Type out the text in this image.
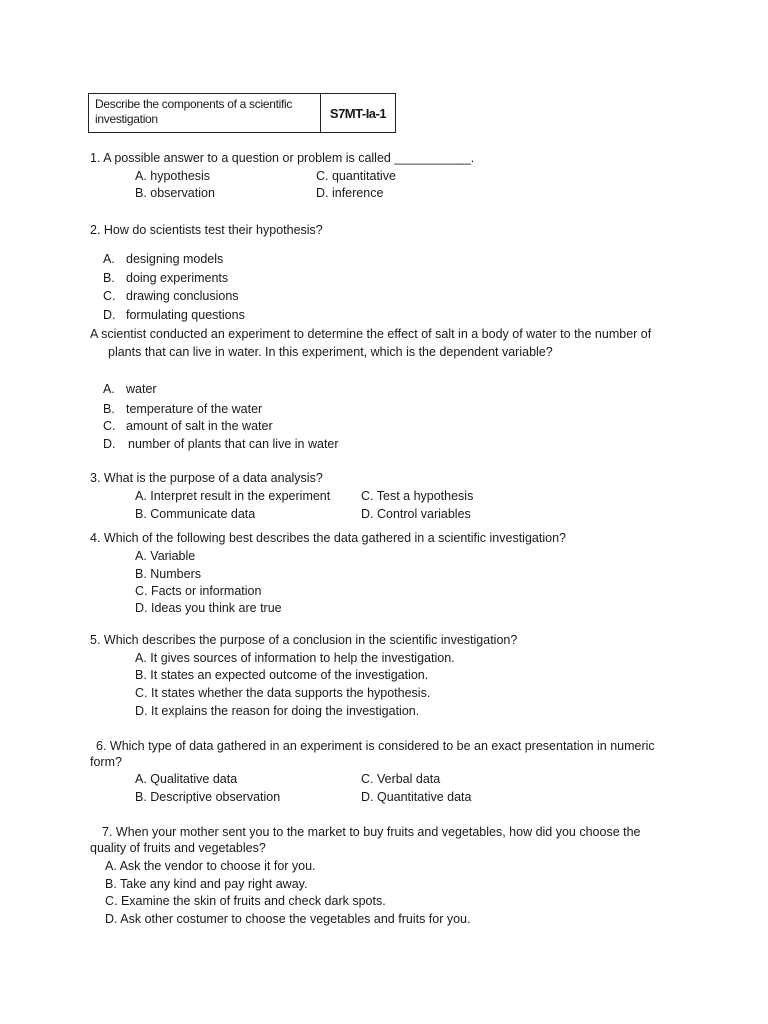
Describe the components of a scientific investigation	S7MT-Ia-1
1. A possible answer to a question or problem is called ___________.
A. hypothesis
B. observation
C. quantitative
D. inference
2. How do scientists test their hypothesis?
A. designing models
B. doing experiments
C. drawing conclusions
D. formulating questions
A scientist conducted an experiment to determine the effect of salt in a body of water to the number of
plants that can live in water. In this experiment, which is the dependent variable?
A. water
B. temperature of the water
C. amount of salt in the water
D. number of plants that can live in water
3. What is the purpose of a data analysis?
A. Interpret result in the experiment
B. Communicate data
C. Test a hypothesis
D. Control variables
4. Which of the following best describes the data gathered in a scientific investigation?
A. Variable
B. Numbers
C. Facts or information
D. Ideas you think are true
5. Which describes the purpose of a conclusion in the scientific investigation?
A. It gives sources of information to help the investigation.
B. It states an expected outcome of the investigation.
C. It states whether the data supports the hypothesis.
D. It explains the reason for doing the investigation.
6. Which type of data gathered in an experiment is considered to be an exact presentation in numeric
form?
A. Qualitative data
B. Descriptive observation
C. Verbal data
D. Quantitative data
7. When your mother sent you to the market to buy fruits and vegetables, how did you choose the
quality of fruits and vegetables?
A. Ask the vendor to choose it for you.
B. Take any kind and pay right away.
C. Examine the skin of fruits and check dark spots.
D. Ask other costumer to choose the vegetables and fruits for you.
